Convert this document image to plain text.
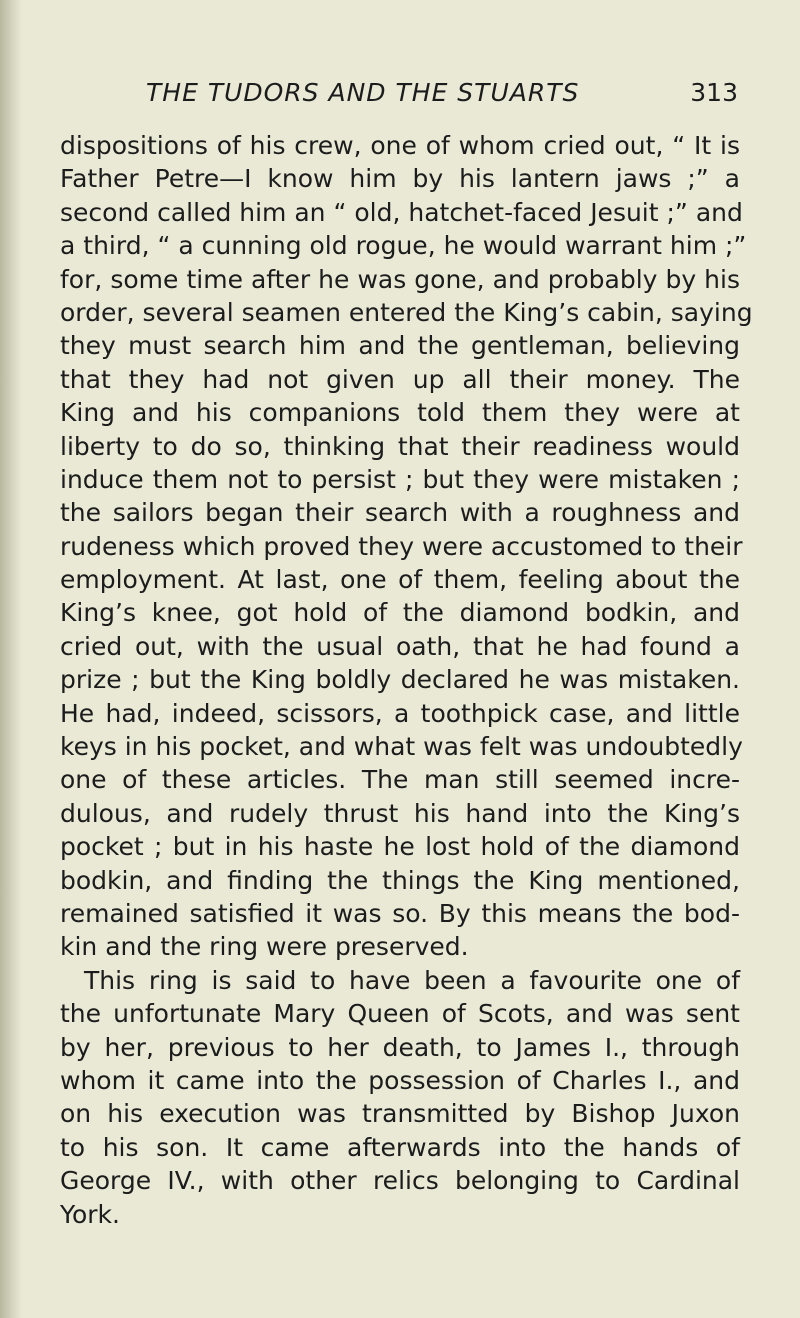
THE TUDORS AND THE STUARTS	313
dispositions of his crew, one of whom cried out, “ It is
Father Petre—I know him by his lantern jaws ;” a
second called him an “ old, hatchet-faced Jesuit ;” and
a third, “ a cunning old rogue, he would warrant him ;”
for, some time after he was gone, and probably by his
order, several seamen entered the King’s cabin, saying
they must search him and the gentleman, believing
that they had not given up all their money. The
King and his companions told them they were at
liberty to do so, thinking that their readiness would
induce them not to persist ; but they were mistaken ;
the sailors began their search with a roughness and
rudeness which proved they were accustomed to their
employment. At last, one of them, feeling about the
King’s knee, got hold of the diamond bodkin, and
cried out, with the usual oath, that he had found a
prize ; but the King boldly declared he was mistaken.
He had, indeed, scissors, a toothpick case, and little
keys in his pocket, and what was felt was undoubtedly
one of these articles. The man still seemed incre-
dulous, and rudely thrust his hand into the King’s
pocket ; but in his haste he lost hold of the diamond
bodkin, and finding the things the King mentioned,
remained satisfied it was so. By this means the bod-
kin and the ring were preserved.
This ring is said to have been a favourite one of
the unfortunate Mary Queen of Scots, and was sent
by her, previous to her death, to James I., through
whom it came into the possession of Charles I., and
on his execution was transmitted by Bishop Juxon
to his son. It came afterwards into the hands of
George IV., with other relics belonging to Cardinal
York.
